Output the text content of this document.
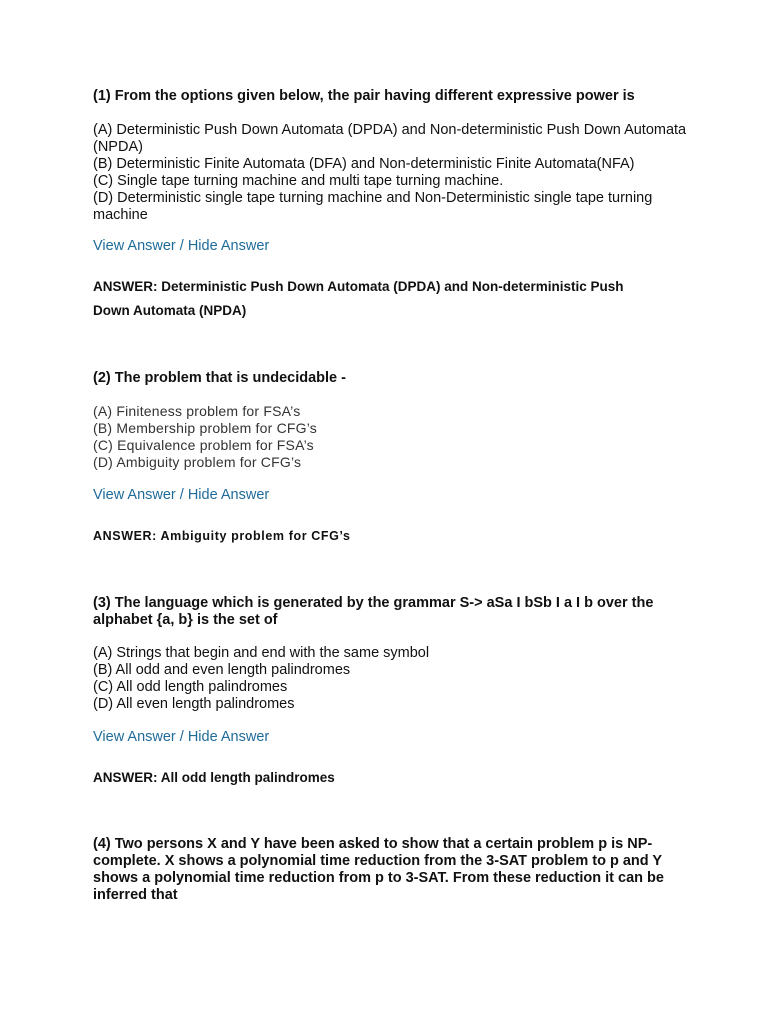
(1) From the options given below, the pair having different expressive power is

(A) Deterministic Push Down Automata (DPDA) and Non-deterministic Push Down Automata (NPDA)
(B) Deterministic Finite Automata (DFA) and Non-deterministic Finite Automata(NFA)
(C) Single tape turning machine and multi tape turning machine.
(D) Deterministic single tape turning machine and Non-Deterministic single tape turning machine
View Answer / Hide Answer
ANSWER: Deterministic Push Down Automata (DPDA) and Non-deterministic Push Down Automata (NPDA)

(2) The problem that is undecidable -

(A) Finiteness problem for FSA’s
(B) Membership problem for CFG’s
(C) Equivalence problem for FSA’s
(D) Ambiguity problem for CFG’s
View Answer / Hide Answer
ANSWER: Ambiguity problem for CFG’s

(3) The language which is generated by the grammar S-> aSa I bSb I a I b over the alphabet {a, b} is the set of

(A) Strings that begin and end with the same symbol
(B) All odd and even length palindromes
(C) All odd length palindromes
(D) All even length palindromes
View Answer / Hide Answer
ANSWER: All odd length palindromes

(4) Two persons X and Y have been asked to show that a certain problem p is NP-complete. X shows a polynomial time reduction from the 3-SAT problem to p and Y shows a polynomial time reduction from p to 3-SAT. From these reduction it can be inferred that
